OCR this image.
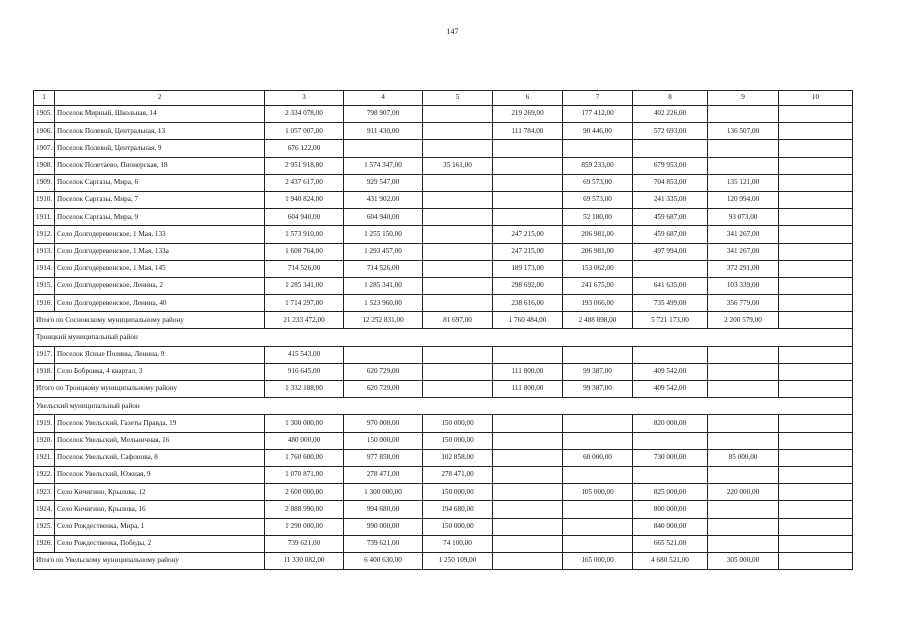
147
1	2	3	4	5	6	7	8	9	10
1905.	Поселок Мирный, Школьная, 14	2 334 078,00	798 907,00		219 269,00	177 412,00	402 226,00		
1906.	Поселок Полевой, Центральная, 13	1 057 007,00	911 430,00		111 784,00	90 446,00	572 693,00	136 507,00	
1907.	Поселок Полевой, Центральная, 9	676 122,00							
1908.	Поселок Полетаево, Пионерская, 18	2 951 918,00	1 574 347,00	35 161,00		859 233,00	679 953,00		
1909.	Поселок Саргазы, Мира, 6	2 437 617,00	929 547,00			69 573,00	704 853,00	135 121,00	
1910.	Поселок Саргазы, Мира, 7	1 940 824,00	431 902,00			69 573,00	241 335,00	120 994,00	
1911.	Поселок Саргазы, Мира, 9	604 940,00	604 940,00			52 180,00	459 687,00	93 073,00	
1912.	Село Долгодеревенское, 1 Мая, 133	1 573 910,00	1 255 150,00		247 215,00	206 981,00	459 687,00	341 267,00	
1913.	Село Долгодеревенское, 1 Мая, 133а	1 608 764,00	1 293 457,00		247 215,00	206 981,00	497 994,00	341 267,00	
1914.	Село Долгодеревенское, 1 Мая, 145	714 526,00	714 526,00		189 173,00	153 062,00		372 291,00	
1915.	Село Долгодеревенское, Ленина, 2	1 285 341,00	1 285 341,00		298 692,00	241 675,00	641 635,00	103 339,00	
1916.	Село Долгодеревенское, Ленина, 40	1 714 297,00	1 523 960,00		238 616,00	193 066,00	735 499,00	356 779,00	
Итого по Сосновскому муниципальному району		21 233 472,00	12 252 831,00	81 697,00	1 760 484,00	2 488 898,00	5 721 173,00	2 200 579,00	
Троицкий муниципальный район									
1917.	Поселок Ясные Поляны, Ленина, 9	415 543,00							
1918.	Село Бобровка, 4 квартал, 3	916 645,00	620 729,00		111 800,00	99 387,00	409 542,00		
Итого по Троицкому муниципальному району		1 332 188,00	620 729,00		111 800,00	99 387,00	409 542,00		
Увельский муниципальный район									
1919.	Поселок Увельский, Газеты Правда, 19	1 300 000,00	970 000,00	150 000,00			820 000,00		
1920.	Поселок Увельский, Мельничная, 16	480 000,00	150 000,00	150 000,00					
1921.	Поселок Увельский, Сафонова, 8	1 760 600,00	977 858,00	102 858,00		60 000,00	730 000,00	85 000,00	
1922.	Поселок Увельский, Южная, 9	1 070 871,00	278 471,00	278 471,00					
1923.	Село Кичигино, Крылова, 12	2 600 000,00	1 300 000,00	150 000,00		105 000,00	825 000,00	220 000,00	
1924.	Село Кичигино, Крылова, 16	2 088 990,00	994 680,00	194 680,00			800 000,00		
1925.	Село Рождественка, Мира, 1	1 290 000,00	990 000,00	150 000,00			840 000,00		
1926.	Село Рождественка, Победы, 2	739 621,00	739 621,00	74 100,00			665 521,00		
Итого по Увельскому муниципальному району		11 330 082,00	6 400 630,00	1 250 109,00		165 000,00	4 680 521,00	305 000,00	
